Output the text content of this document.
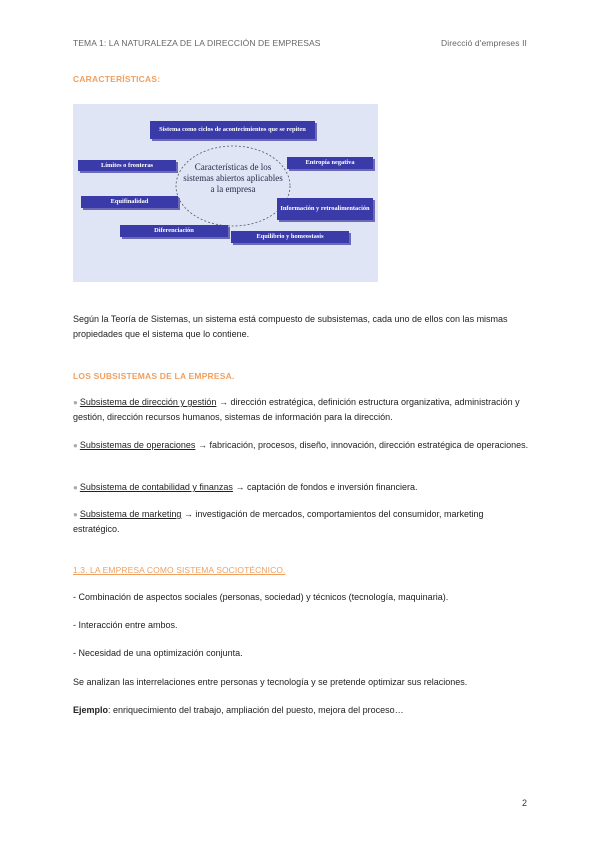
TEMA 1: LA NATURALEZA DE LA DIRECCIÓN DE EMPRESAS	Direcció d'empreses II
CARACTERÍSTICAS:
Sistema como ciclos de acontecimientos que se repiten
Límites o fronteras	Entropía negativa
Equifinalidad
Información y retroalimentación
Diferenciación
Equilibrio y homeostasis
Características de los sistemas abiertos aplicables a la empresa
Según la Teoría de Sistemas, un sistema está compuesto de subsistemas, cada uno de ellos con las mismas propiedades que el sistema que lo contiene.
LOS SUBSISTEMAS DE LA EMPRESA.
● Subsistema de dirección y gestión → dirección estratégica, definición estructura organizativa, administración y gestión, dirección recursos humanos, sistemas de información para la dirección.
● Subsistemas de operaciones → fabricación, procesos, diseño, innovación, dirección estratégica de operaciones.
● Subsistema de contabilidad y finanzas → captación de fondos e inversión financiera.
● Subsistema de marketing → investigación de mercados, comportamientos del consumidor, marketing estratégico.
1.3. LA EMPRESA COMO SISTEMA SOCIOTÉCNICO.
- Combinación de aspectos sociales (personas, sociedad) y técnicos (tecnología, maquinaria).
- Interacción entre ambos.
- Necesidad de una optimización conjunta.
Se analizan las interrelaciones entre personas y tecnología y se pretende optimizar sus relaciones.
Ejemplo: enriquecimiento del trabajo, ampliación del puesto, mejora del proceso…
2
